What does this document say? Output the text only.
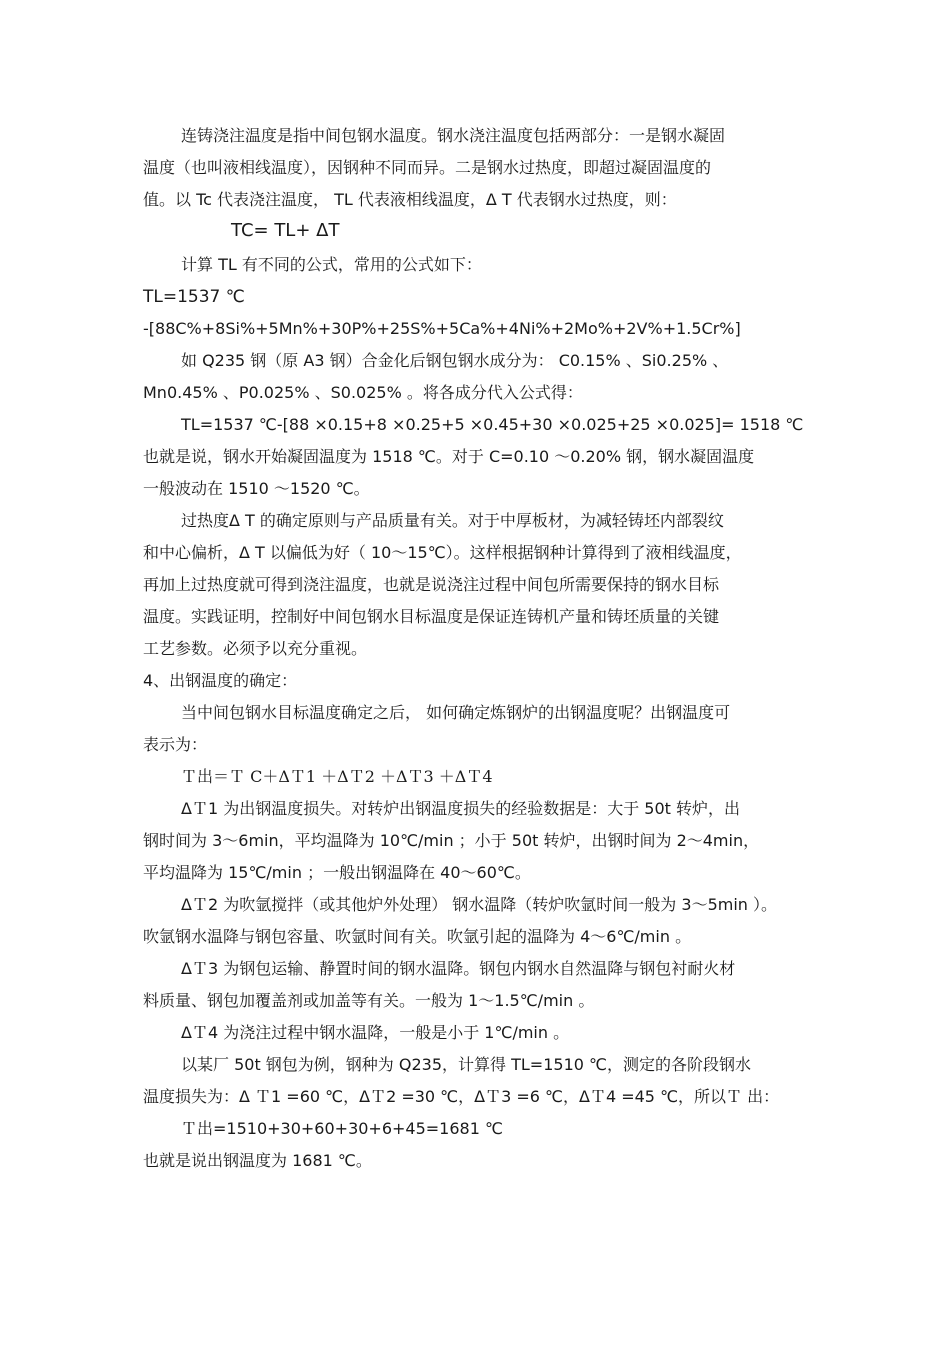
连铸浇注温度是指中间包钢水温度。钢水浇注温度包括两部分：一是钢水凝固
温度（也叫液相线温度），因钢种不同而异。二是钢水过热度，即超过凝固温度的
值。以 Tc 代表浇注温度， TL 代表液相线温度，Δ T 代表钢水过热度，则：
TC= TL+ ΔT
计算 TL 有不同的公式，常用的公式如下：
TL=1537 ℃
-[88C%+8Si%+5Mn%+30P%+25S%+5Ca%+4Ni%+2Mo%+2V%+1.5Cr%]
如 Q235 钢（原 A3 钢）合金化后钢包钢水成分为： C0.15% 、Si0.25% 、
Mn0.45% 、P0.025% 、S0.025% 。将各成分代入公式得：
TL=1537 ℃-[88 ×0.15+8 ×0.25+5 ×0.45+30 ×0.025+25 ×0.025]= 1518 ℃
也就是说，钢水开始凝固温度为 1518 ℃。对于 C=0.10 ～0.20% 钢，钢水凝固温度
一般波动在 1510 ～1520 ℃。
过热度Δ T 的确定原则与产品质量有关。对于中厚板材，为减轻铸坯内部裂纹
和中心偏析，Δ T 以偏低为好（ 10～15℃）。这样根据钢种计算得到了液相线温度，
再加上过热度就可得到浇注温度，也就是说浇注过程中间包所需要保持的钢水目标
温度。实践证明，控制好中间包钢水目标温度是保证连铸机产量和铸坯质量的关键
工艺参数。必须予以充分重视。
4、出钢温度的确定：
当中间包钢水目标温度确定之后， 如何确定炼钢炉的出钢温度呢？出钢温度可
表示为：
Ｔ出＝Ｔ C＋ΔＴ1 ＋ΔＴ2 ＋ΔＴ3 ＋ΔＴ4
ΔＴ1 为出钢温度损失。对转炉出钢温度损失的经验数据是：大于 50t 转炉，出
钢时间为 3～6min，平均温降为 10℃/min ；小于 50t 转炉，出钢时间为 2～4min，
平均温降为 15℃/min ；一般出钢温降在 40～60℃。
ΔＴ2 为吹氩搅拌（或其他炉外处理） 钢水温降（转炉吹氩时间一般为 3～5min ）。
吹氩钢水温降与钢包容量、吹氩时间有关。吹氩引起的温降为 4～6℃/min 。
ΔＴ3 为钢包运输、静置时间的钢水温降。钢包内钢水自然温降与钢包衬耐火材
料质量、钢包加覆盖剂或加盖等有关。一般为 1～1.5℃/min 。
ΔＴ4 为浇注过程中钢水温降，一般是小于 1℃/min 。
以某厂 50t 钢包为例，钢种为 Q235，计算得 TL=1510 ℃，测定的各阶段钢水
温度损失为：Δ Ｔ1 =60 ℃，ΔＴ2 =30 ℃，ΔＴ3 =6 ℃，ΔＴ4 =45 ℃，所以Ｔ 出：
Ｔ出=1510+30+60+30+6+45=1681 ℃
也就是说出钢温度为 1681 ℃。
